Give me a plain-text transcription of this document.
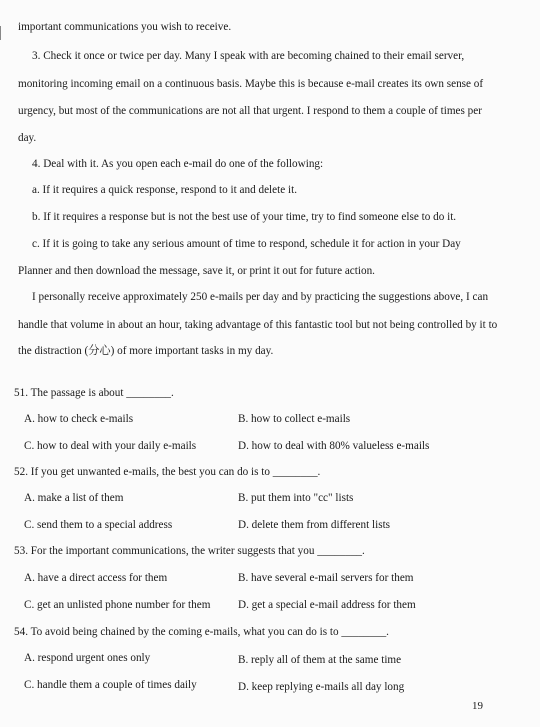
important communications you wish to receive.
3. Check it once or twice per day. Many I speak with are becoming chained to their email server,
monitoring incoming email on a continuous basis. Maybe this is because e-mail creates its own sense of
urgency, but most of the communications are not all that urgent. I respond to them a couple of times per
day.
4. Deal with it. As you open each e-mail do one of the following:
a. If it requires a quick response, respond to it and delete it.
b. If it requires a response but is not the best use of your time, try to find someone else to do it.
c. If it is going to take any serious amount of time to respond, schedule it for action in your Day
Planner and then download the message, save it, or print it out for future action.
I personally receive approximately 250 e-mails per day and by practicing the suggestions above, I can
handle that volume in about an hour, taking advantage of this fantastic tool but not being controlled by it to
the distraction (分心) of more important tasks in my day.
51. The passage is about ________.
A. how to check e-mails	B. how to collect e-mails
C. how to deal with your daily e-mails	D. how to deal with 80% valueless e-mails
52. If you get unwanted e-mails, the best you can do is to ________.
A. make a list of them	B. put them into "cc" lists
C. send them to a special address	D. delete them from different lists
53. For the important communications, the writer suggests that you ________.
A. have a direct access for them	B. have several e-mail servers for them
C. get an unlisted phone number for them D. get a special e-mail address for them
54. To avoid being chained by the coming e-mails, what you can do is to ________.
A. respond urgent ones only	B. reply all of them at the same time
C. handle them a couple of times daily	D. keep replying e-mails all day long
19
